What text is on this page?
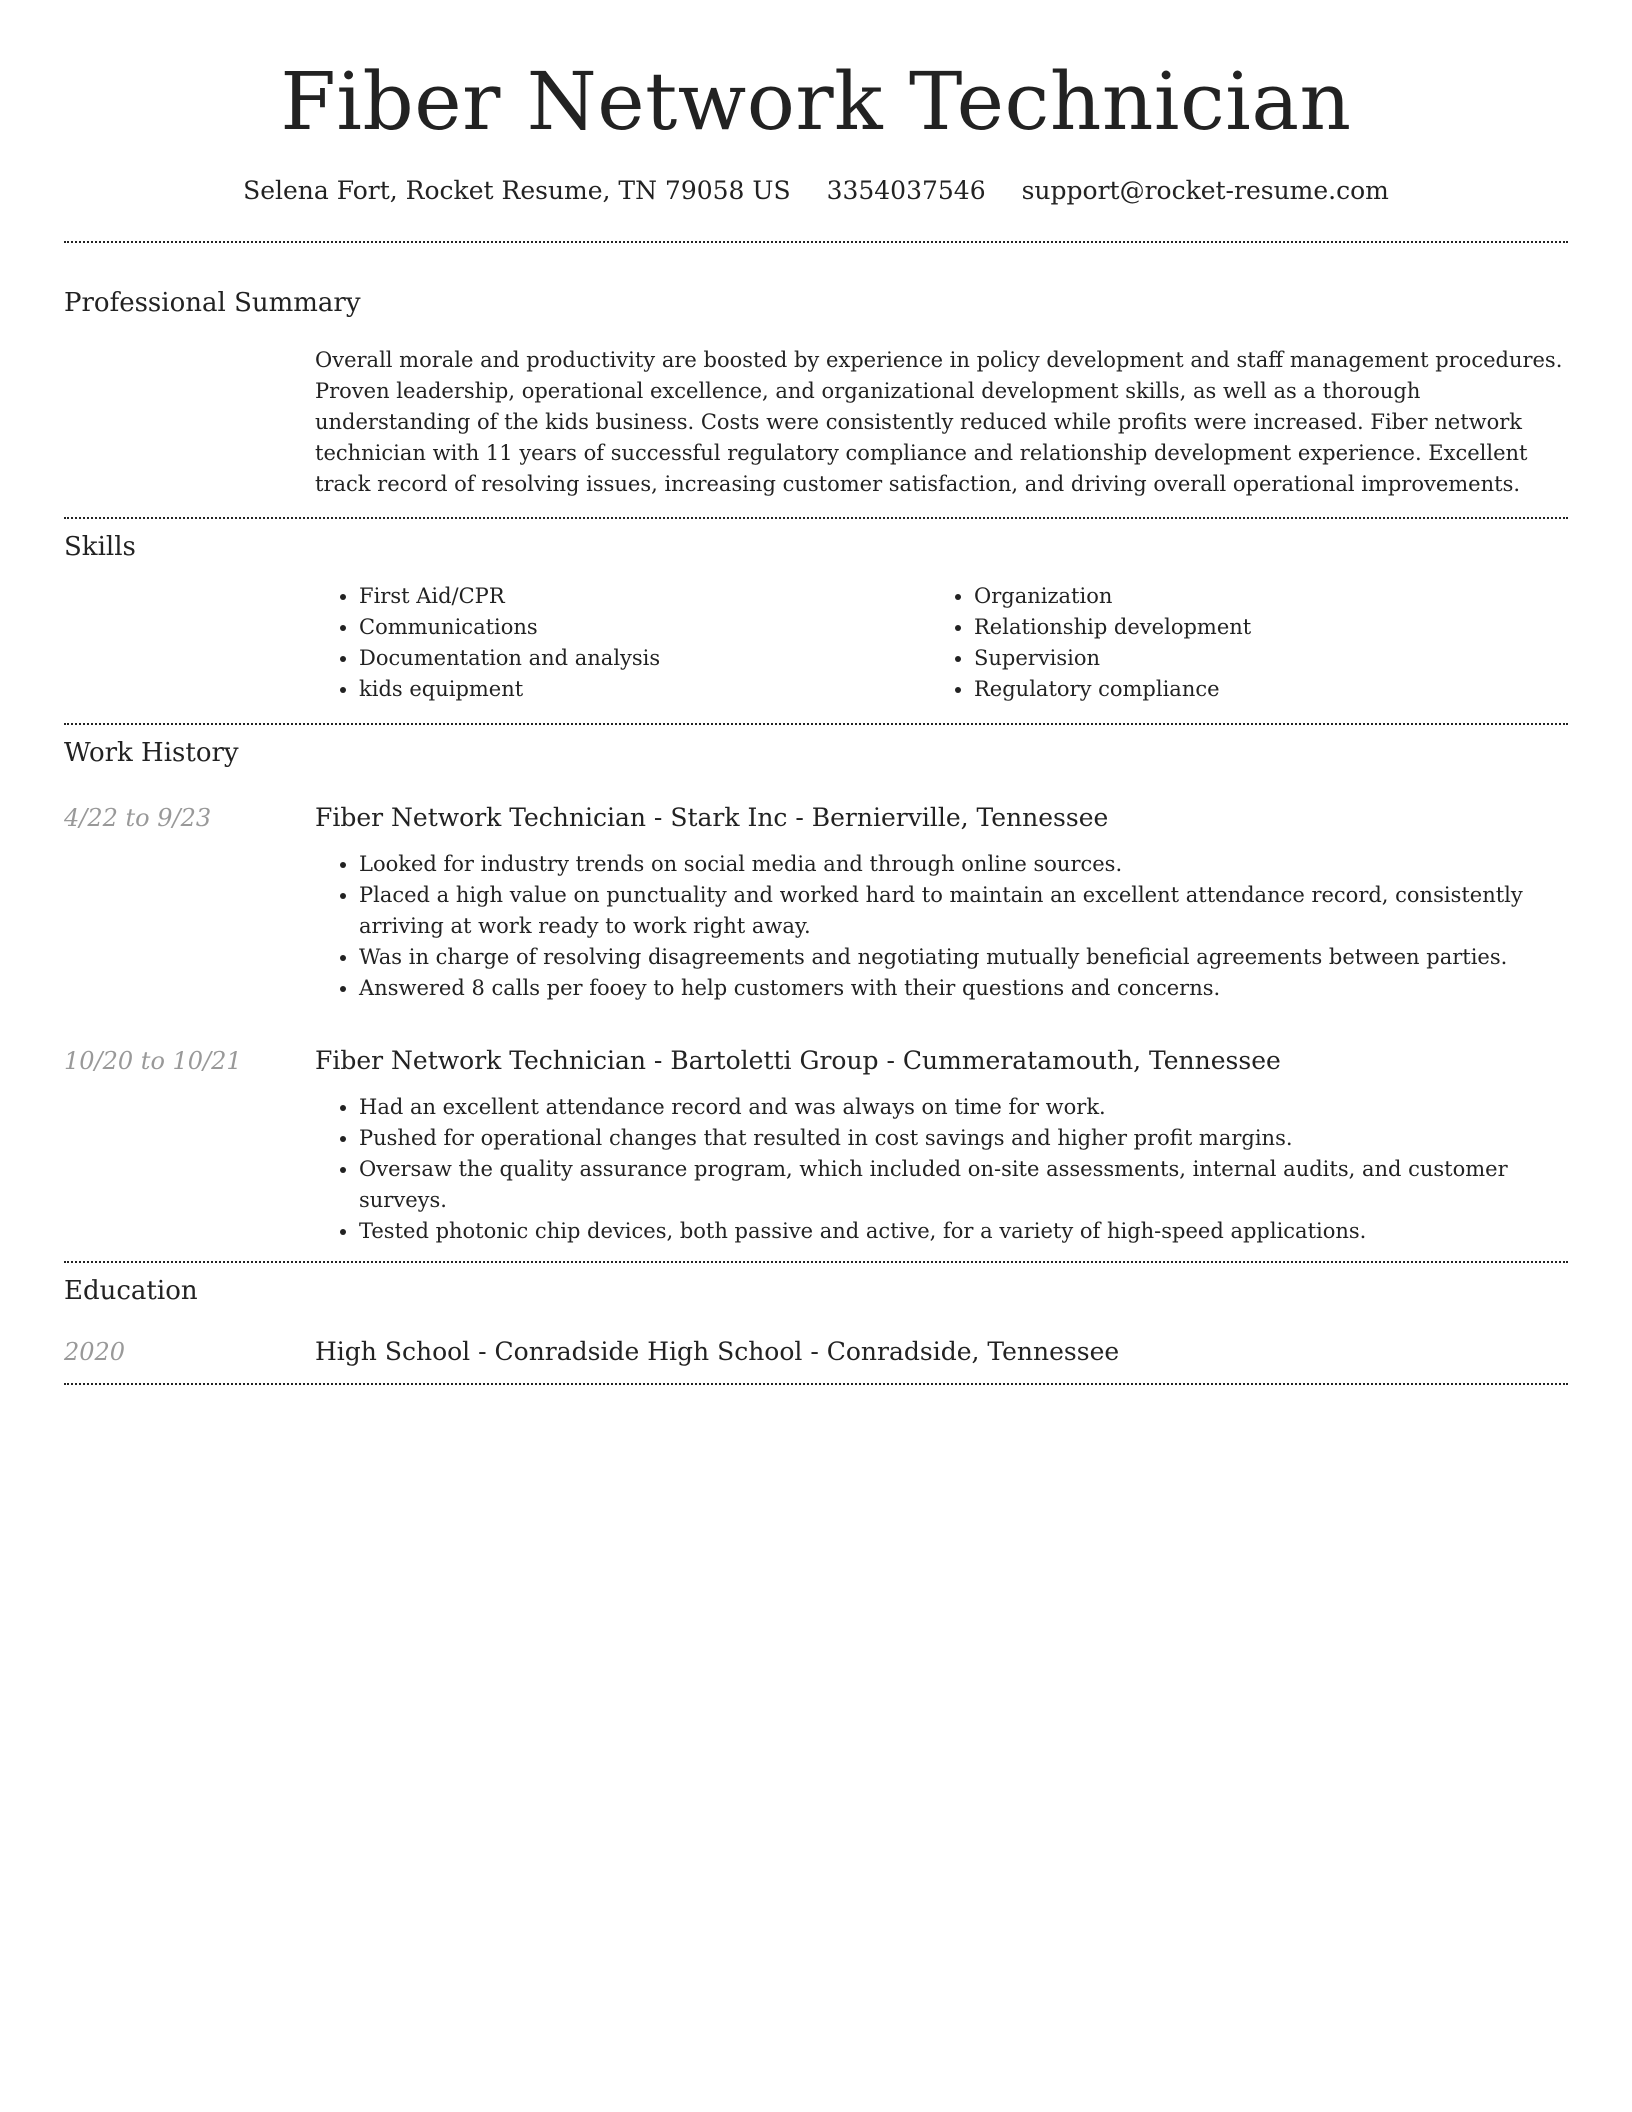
Fiber Network Technician
Selena Fort, Rocket Resume, TN 79058 US 3354037546 support@rocket-resume.com
Professional Summary

Overall morale and productivity are boosted by experience in policy development and staff management procedures. Proven leadership, operational excellence, and organizational development skills, as well as a thorough understanding of the kids business. Costs were consistently reduced while profits were increased. Fiber network technician with 11 years of successful regulatory compliance and relationship development experience. Excellent track record of resolving issues, increasing customer satisfaction, and driving overall operational improvements.

Skills
• First Aid/CPR
• Communications
• Documentation and analysis
• kids equipment
• Organization
• Relationship development
• Supervision
• Regulatory compliance
Work History
4/22 to 9/23	Fiber Network Technician - Stark Inc - Bernierville, Tennessee
• Looked for industry trends on social media and through online sources.
• Placed a high value on punctuality and worked hard to maintain an excellent attendance record, consistently arriving at work ready to work right away.
• Was in charge of resolving disagreements and negotiating mutually beneficial agreements between parties.
• Answered 8 calls per fooey to help customers with their questions and concerns.
10/20 to 10/21	Fiber Network Technician - Bartoletti Group - Cummeratamouth, Tennessee
• Had an excellent attendance record and was always on time for work.
• Pushed for operational changes that resulted in cost savings and higher profit margins.
• Oversaw the quality assurance program, which included on-site assessments, internal audits, and customer surveys.
• Tested photonic chip devices, both passive and active, for a variety of high-speed applications.
Education
2020	High School - Conradside High School - Conradside, Tennessee
